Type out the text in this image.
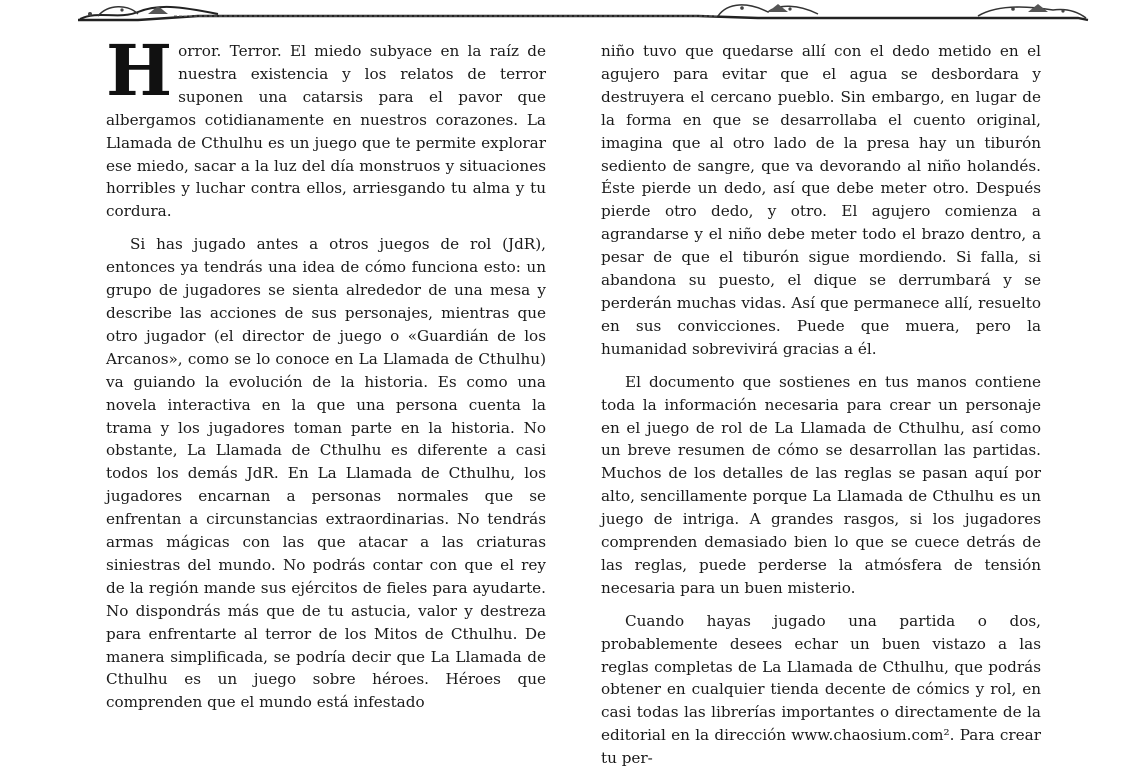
Horror. Terror. El miedo subyace en la raíz de nuestra existencia y los relatos de terror suponen una catarsis para el pavor que albergamos cotidianamente en nuestros corazones. La Llamada de Cthulhu es un juego que te permite explorar ese miedo, sacar a la luz del día monstruos y situaciones horribles y luchar contra ellos, arriesgando tu alma y tu cordura.

Si has jugado antes a otros juegos de rol (JdR), entonces ya tendrás una idea de cómo funciona esto: un grupo de jugadores se sienta alrededor de una mesa y describe las acciones de sus personajes, mientras que otro jugador (el director de juego o «Guardián de los Arcanos», como se lo conoce en La Llamada de Cthulhu) va guiando la evolución de la historia. Es como una novela interactiva en la que una persona cuenta la trama y los jugadores toman parte en la historia. No obstante, La Llamada de Cthulhu es diferente a casi todos los demás JdR. En La Llamada de Cthulhu, los jugadores encarnan a personas normales que se enfrentan a circunstancias extraordinarias. No tendrás armas mágicas con las que atacar a las criaturas siniestras del mundo. No podrás contar con que el rey de la región mande sus ejércitos de fieles para ayudarte. No dispondrás más que de tu astucia, valor y destreza para enfrentarte al terror de los Mitos de Cthulhu. De manera simplificada, se podría decir que La Llamada de Cthulhu es un juego sobre héroes. Héroes que comprenden que el mundo está infestado

niño tuvo que quedarse allí con el dedo metido en el agujero para evitar que el agua se desbordara y destruyera el cercano pueblo. Sin embargo, en lugar de la forma en que se desarrollaba el cuento original, imagina que al otro lado de la presa hay un tiburón sediento de sangre, que va devorando al niño holandés. Éste pierde un dedo, así que debe meter otro. Después pierde otro dedo, y otro. El agujero comienza a agrandarse y el niño debe meter todo el brazo dentro, a pesar de que el tiburón sigue mordiendo. Si falla, si abandona su puesto, el dique se derrumbará y se perderán muchas vidas. Así que permanece allí, resuelto en sus convicciones. Puede que muera, pero la humanidad sobrevivirá gracias a él.

El documento que sostienes en tus manos contiene toda la información necesaria para crear un personaje en el juego de rol de La Llamada de Cthulhu, así como un breve resumen de cómo se desarrollan las partidas. Muchos de los detalles de las reglas se pasan aquí por alto, sencillamente porque La Llamada de Cthulhu es un juego de intriga. A grandes rasgos, si los jugadores comprenden demasiado bien lo que se cuece detrás de las reglas, puede perderse la atmósfera de tensión necesaria para un buen misterio.

Cuando hayas jugado una partida o dos, probablemente desees echar un buen vistazo a las reglas completas de La Llamada de Cthulhu, que podrás obtener en cualquier tienda decente de cómics y rol, en casi todas las librerías importantes o directamente de la editorial en la dirección www.chaosium.com². Para crear tu per-
